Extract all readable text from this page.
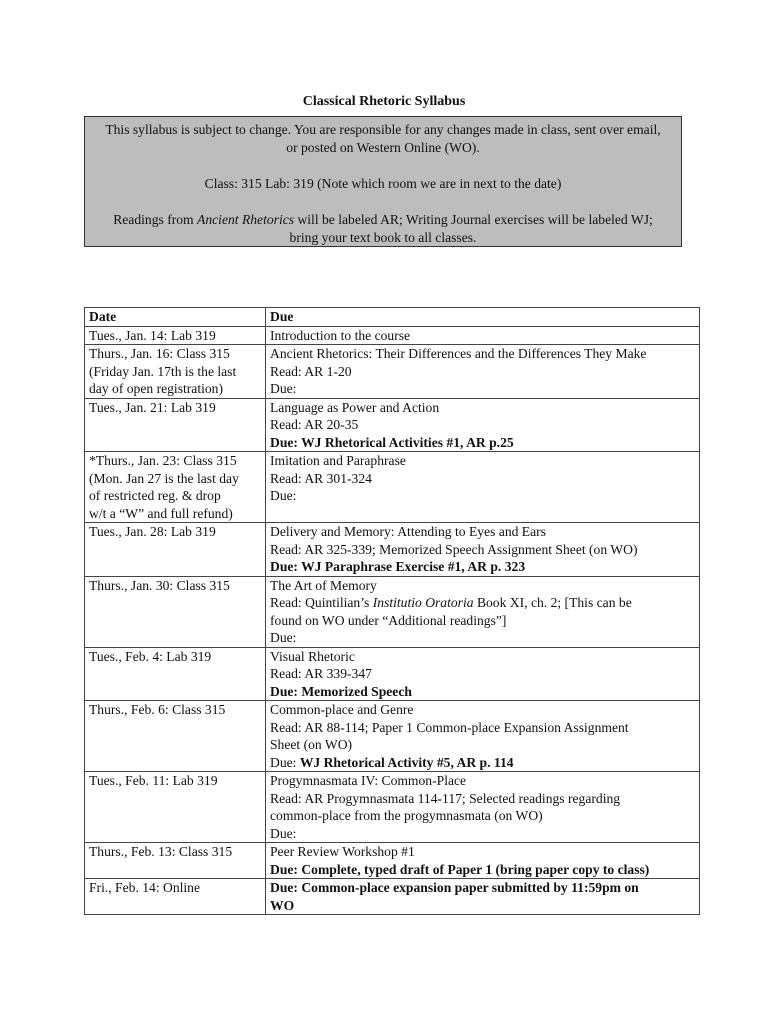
Classical Rhetoric Syllabus

This syllabus is subject to change. You are responsible for any changes made in class, sent over email, or posted on Western Online (WO).

Class: 315 Lab: 319 (Note which room we are in next to the date)

Readings from Ancient Rhetorics will be labeled AR; Writing Journal exercises will be labeled WJ; bring your text book to all classes.

Date	Due

Tues., Jan. 14: Lab 319	Introduction to the course

Thurs., Jan. 16: Class 315
(Friday Jan. 17th is the last
day of open registration)	Ancient Rhetorics: Their Differences and the Differences They Make
Read: AR 1-20
Due:

Tues., Jan. 21: Lab 319	Language as Power and Action
Read: AR 20-35
Due: WJ Rhetorical Activities #1, AR p.25

*Thurs., Jan. 23: Class 315
(Mon. Jan 27 is the last day
of restricted reg. & drop
w/t a “W” and full refund)	Imitation and Paraphrase
Read: AR 301-324
Due:

Tues., Jan. 28: Lab 319	Delivery and Memory: Attending to Eyes and Ears
Read: AR 325-339; Memorized Speech Assignment Sheet (on WO)
Due: WJ Paraphrase Exercise #1, AR p. 323

Thurs., Jan. 30: Class 315	The Art of Memory
Read: Quintilian’s Institutio Oratoria Book XI, ch. 2; [This can be
found on WO under “Additional readings”]
Due:

Tues., Feb. 4: Lab 319	Visual Rhetoric
Read: AR 339-347
Due: Memorized Speech

Thurs., Feb. 6: Class 315	Common-place and Genre
Read: AR 88-114; Paper 1 Common-place Expansion Assignment
Sheet (on WO)
Due: WJ Rhetorical Activity #5, AR p. 114

Tues., Feb. 11: Lab 319	Progymnasmata IV: Common-Place
Read: AR Progymnasmata 114-117; Selected readings regarding
common-place from the progymnasmata (on WO)
Due:

Thurs., Feb. 13: Class 315	Peer Review Workshop #1
Due: Complete, typed draft of Paper 1 (bring paper copy to class)

Fri., Feb. 14: Online	Due: Common-place expansion paper submitted by 11:59pm on
WO
